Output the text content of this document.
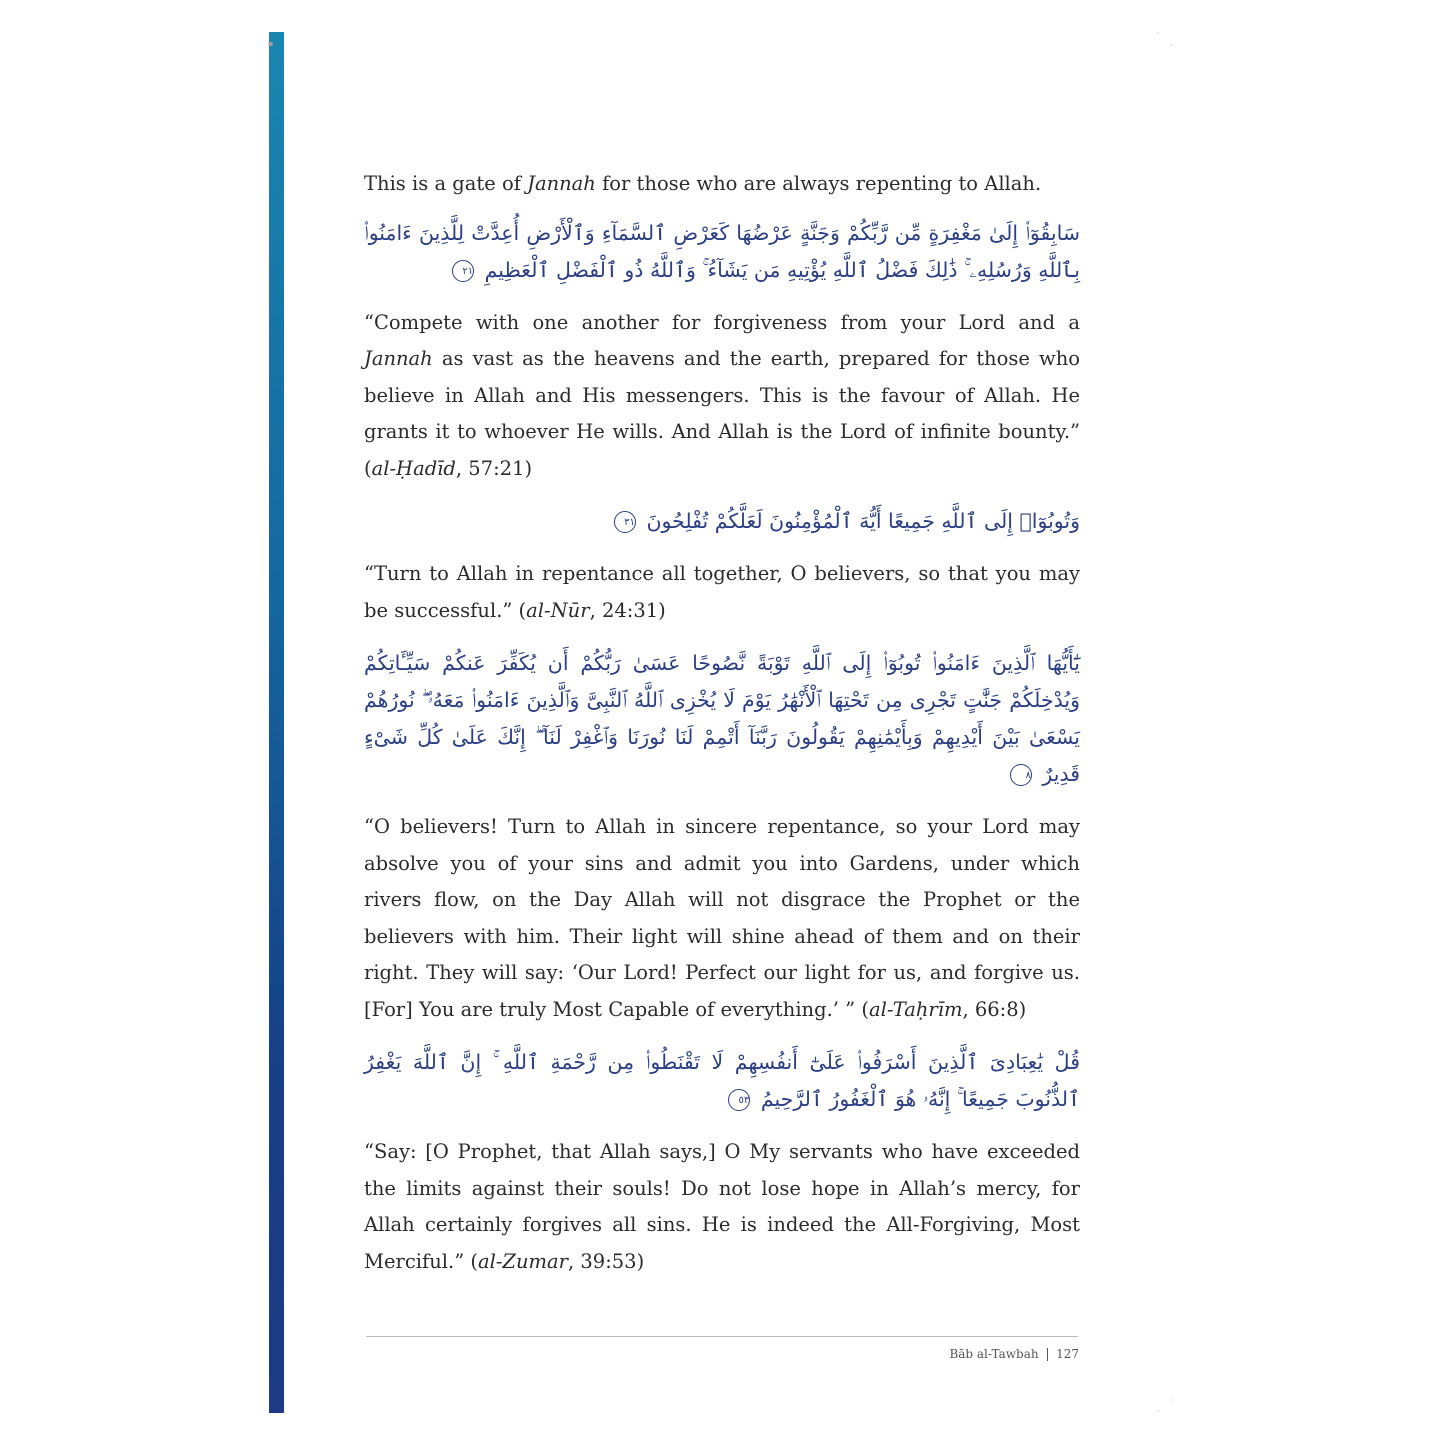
▪
·
·
·
·

This is a gate of Jannah for those who are always repenting to Allah.

سَابِقُوٓا۟ إِلَىٰ مَغْفِرَةٍ مِّن رَّبِّكُمْ وَجَنَّةٍ عَرْضُهَا كَعَرْضِ ٱلسَّمَآءِ وَٱلْأَرْضِ أُعِدَّتْ لِلَّذِينَ ءَامَنُوا۟ بِٱللَّهِ وَرُسُلِهِۦ ۚ ذَٰلِكَ فَضْلُ ٱللَّهِ يُؤْتِيهِ مَن يَشَآءُ ۚ وَٱللَّهُ ذُو ٱلْفَضْلِ ٱلْعَظِيمِ ٢١

“Compete with one another for forgiveness from your Lord and a Jannah as vast as the heavens and the earth, prepared for those who believe in Allah and His messengers. This is the favour of Allah. He grants it to whoever He wills. And Allah is the Lord of infinite bounty.” (al-Ḥadīd, 57:21)

وَتُوبُوٓا۟ إِلَى ٱللَّهِ جَمِيعًا أَيُّهَ ٱلْمُؤْمِنُونَ لَعَلَّكُمْ تُفْلِحُونَ ٣١

“Turn to Allah in repentance all together, O believers, so that you may be successful.” (al-Nūr, 24:31)

يَٰٓأَيُّهَا ٱلَّذِينَ ءَامَنُوا۟ تُوبُوٓا۟ إِلَى ٱللَّهِ تَوْبَةً نَّصُوحًا عَسَىٰ رَبُّكُمْ أَن يُكَفِّرَ عَنكُمْ سَيِّـَٔاتِكُمْ وَيُدْخِلَكُمْ جَنَّٰتٍ تَجْرِى مِن تَحْتِهَا ٱلْأَنْهَٰرُ يَوْمَ لَا يُخْزِى ٱللَّهُ ٱلنَّبِىَّ وَٱلَّذِينَ ءَامَنُوا۟ مَعَهُۥ ۖ نُورُهُمْ يَسْعَىٰ بَيْنَ أَيْدِيهِمْ وَبِأَيْمَٰنِهِمْ يَقُولُونَ رَبَّنَآ أَتْمِمْ لَنَا نُورَنَا وَٱغْفِرْ لَنَآ ۖ إِنَّكَ عَلَىٰ كُلِّ شَىْءٍ قَدِيرٌ ٨

“O believers! Turn to Allah in sincere repentance, so your Lord may absolve you of your sins and admit you into Gardens, under which rivers flow, on the Day Allah will not disgrace the Prophet or the believers with him. Their light will shine ahead of them and on their right. They will say: ‘Our Lord! Perfect our light for us, and forgive us. [For] You are truly Most Capable of everything.’ ” (al-Taḥrīm, 66:8)

قُلْ يَٰعِبَادِىَ ٱلَّذِينَ أَسْرَفُوا۟ عَلَىٰٓ أَنفُسِهِمْ لَا تَقْنَطُوا۟ مِن رَّحْمَةِ ٱللَّهِ ۚ إِنَّ ٱللَّهَ يَغْفِرُ ٱلذُّنُوبَ جَمِيعًا ۚ إِنَّهُۥ هُوَ ٱلْغَفُورُ ٱلرَّحِيمُ ٥٣

“Say: [O Prophet, that Allah says,] O My servants who have exceeded the limits against their souls! Do not lose hope in Allah’s mercy, for Allah certainly forgives all sins. He is indeed the All-Forgiving, Most Merciful.” (al-Zumar, 39:53)

Bāb al-Tawbah 127
